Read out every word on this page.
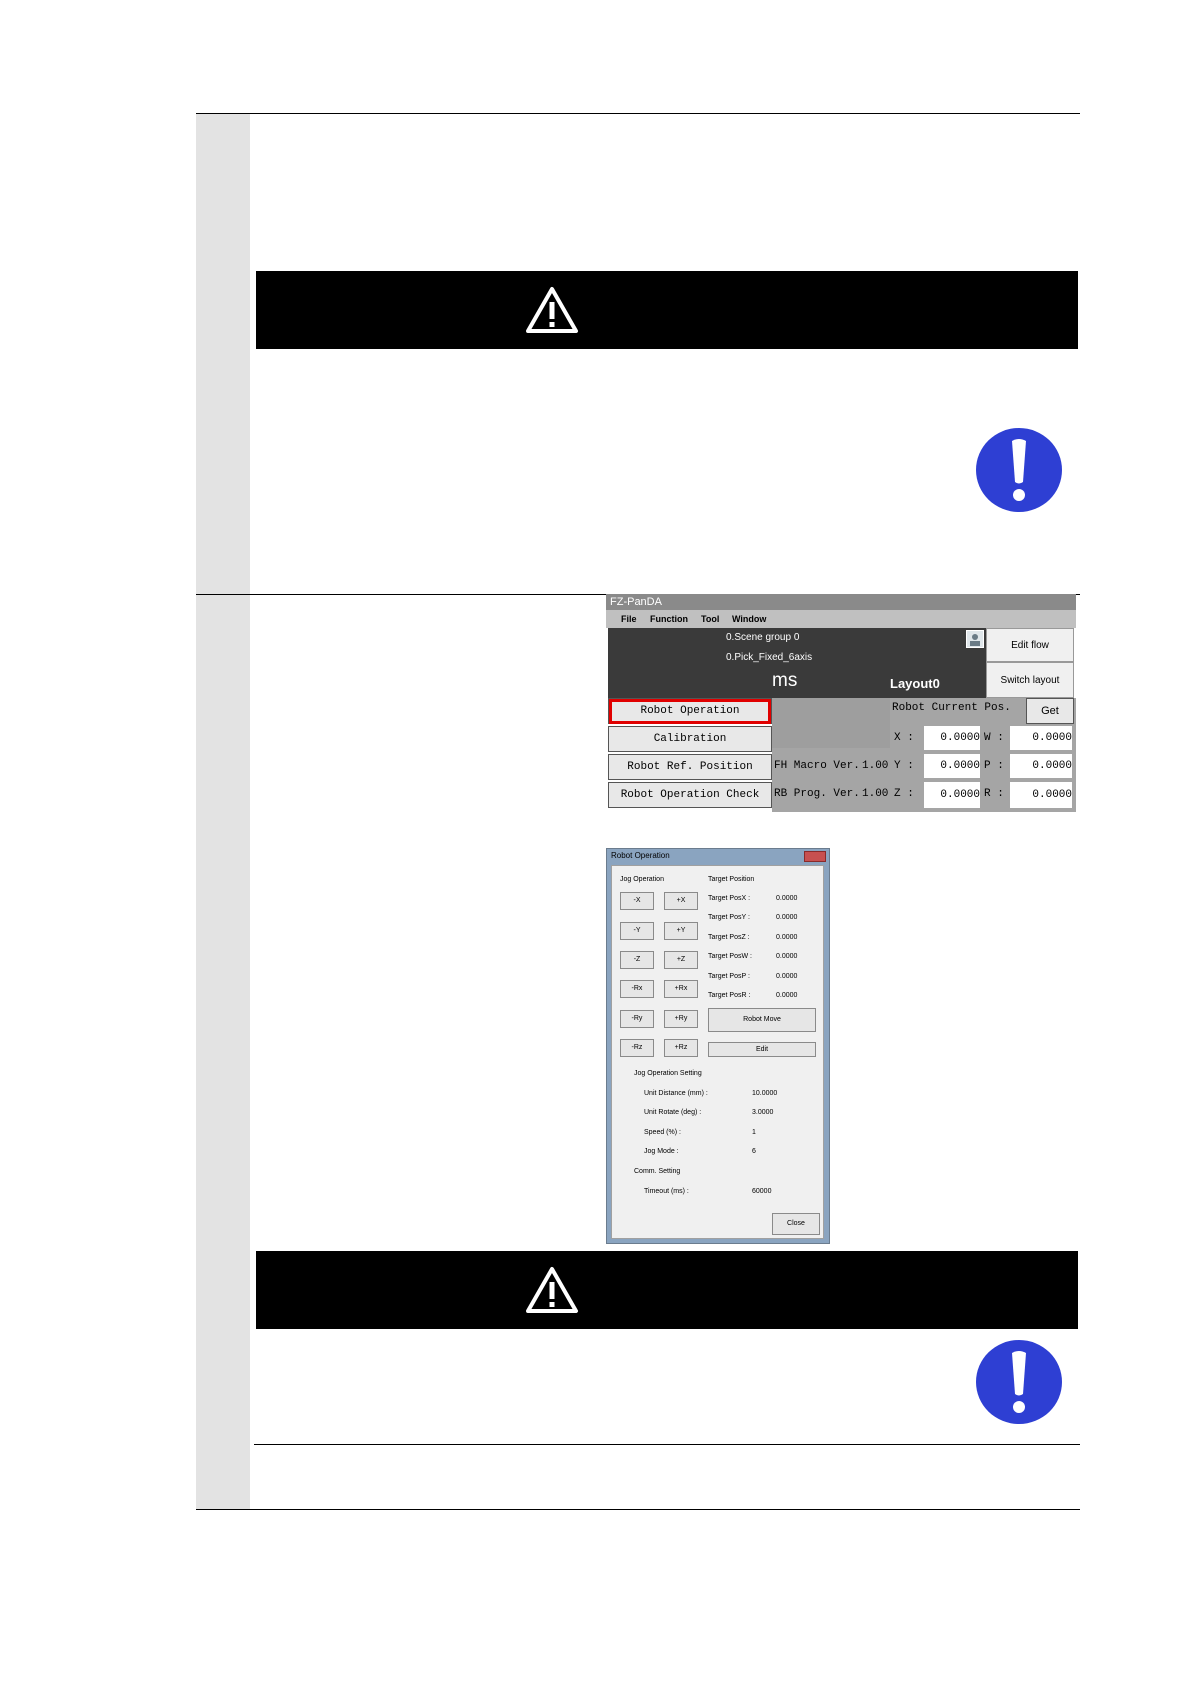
FZ-PanDA
File Function Tool Window
0.Scene group 0
0.Pick_Fixed_6axis
ms	Layout0
Edit flow
Switch layout
Robot Current Pos.	Get
Robot Operation
Calibration
Robot Ref. Position
Robot Operation Check
FH Macro Ver. 1.00
RB Prog. Ver. 1.00
X :	0.0000 W :	0.0000
Y :	0.0000 P :	0.0000
Z :	0.0000 R :	0.0000
Robot Operation
Jog Operation	Target Position
-X	+X
-Y	+Y
-Z	+Z
-Rx	+Rx
-Ry	+Ry
-Rz	+Rz
Target PosX :	0.0000
Target PosY :	0.0000
Target PosZ :	0.0000
Target PosW :	0.0000
Target PosP :	0.0000
Target PosR :	0.0000
Robot Move
Edit
Jog Operation Setting
Unit Distance (mm) :	10.0000
Unit Rotate (deg) :	3.0000
Speed (%) :	1
Jog Mode :	6
Comm. Setting
Timeout (ms) :	60000
Close
